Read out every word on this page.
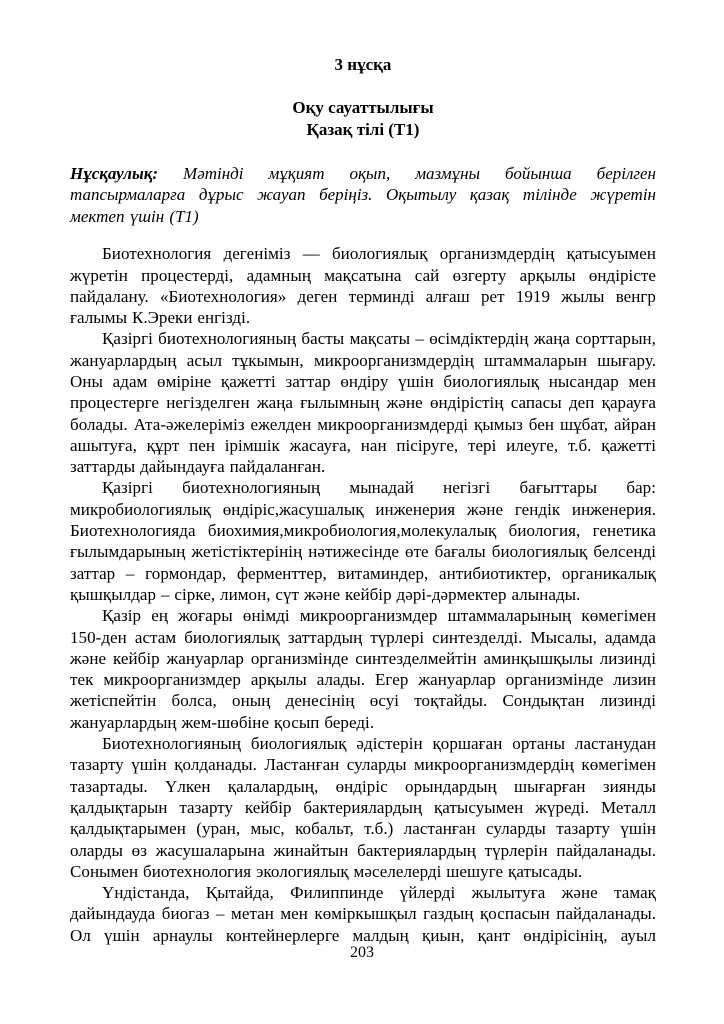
3 нұсқа
Оқу сауаттылығы
Қазақ тілі (Т1)

Нұсқаулық: Мәтінді мұқият оқып, мазмұны бойынша берілген тапсырмаларға дұрыс жауап беріңіз. Оқытылу қазақ тілінде жүретін мектеп үшін (Т1)

Биотехнология дегеніміз — биологиялық организмдердің қатысуымен жүретін процестерді, адамның мақсатына сай өзгерту арқылы өндірісте пайдалану. «Биотехнология» деген терминді алғаш рет 1919 жылы венгр ғалымы К.Эреки енгізді.

Қазіргі биотехнологияның басты мақсаты – өсімдіктердің жаңа сорттарын, жануарлардың асыл тұкымын, микроорганизмдердің штаммаларын шығару. Оны адам өміріне қажетті заттар өндіру үшін биологиялық нысандар мен процестерге негізделген жаңа ғылымның және өндірістің сапасы деп қарауға болады. Ата-әжелеріміз ежелден микроорганизмдерді қымыз бен шұбат, айран ашытуға, құрт пен ірімшік жасауға, нан пісіруге, тері илеуге, т.б. қажетті заттарды дайындауға пайдаланған.

Қазіргі биотехнологияның мынадай негізгі бағыттары бар: микробиологиялық өндіріс,жасушалық инженерия және гендік инженерия. Биотехнологияда биохимия,микробиология,молекулалық биология, генетика ғылымдарының жетістіктерінің нәтижесінде өте бағалы биологиялық белсенді заттар – гормондар, ферменттер, витаминдер, антибиотиктер, органикалық қышқылдар – сірке, лимон, сүт және кейбір дәрі-дәрмектер алынады.

Қазір ең жоғары өнімді микроорганизмдер штаммаларының көмегімен 150-ден астам биологиялық заттардың түрлері синтезделді. Мысалы, адамда және кейбір жануарлар организмінде синтезделмейтін аминқышқылы лизинді тек микроорганизмдер арқылы алады. Егер жануарлар организмінде лизин жетіспейтін болса, оның денесінің өсуі тоқтайды. Сондықтан лизинді жануарлардың жем-шөбіне қосып береді.

Биотехнологияның биологиялық әдістерін қоршаған ортаны ластанудан тазарту үшін қолданады. Ластанған суларды микроорганизмдердің көмегімен тазартады. Үлкен қалалардың, өндіріс орындардың шығарған зиянды қалдықтарын тазарту кейбір бактериялардың қатысуымен жүреді. Металл қалдықтарымен (уран, мыс, кобальт, т.б.) ластанған суларды тазарту үшін оларды өз жасушаларына жинайтын бактериялардың түрлерін пайдаланады. Сонымен биотехнология экологиялық мәселелерді шешуге қатысады.

Үндістанда, Қытайда, Филиппинде үйлерді жылытуға және тамақ дайындауда биогаз – метан мен көміркышқыл газдың қоспасын пайдаланады. Ол үшін арнаулы контейнерлерге малдың қиын, қант өндірісінің, ауыл

203
